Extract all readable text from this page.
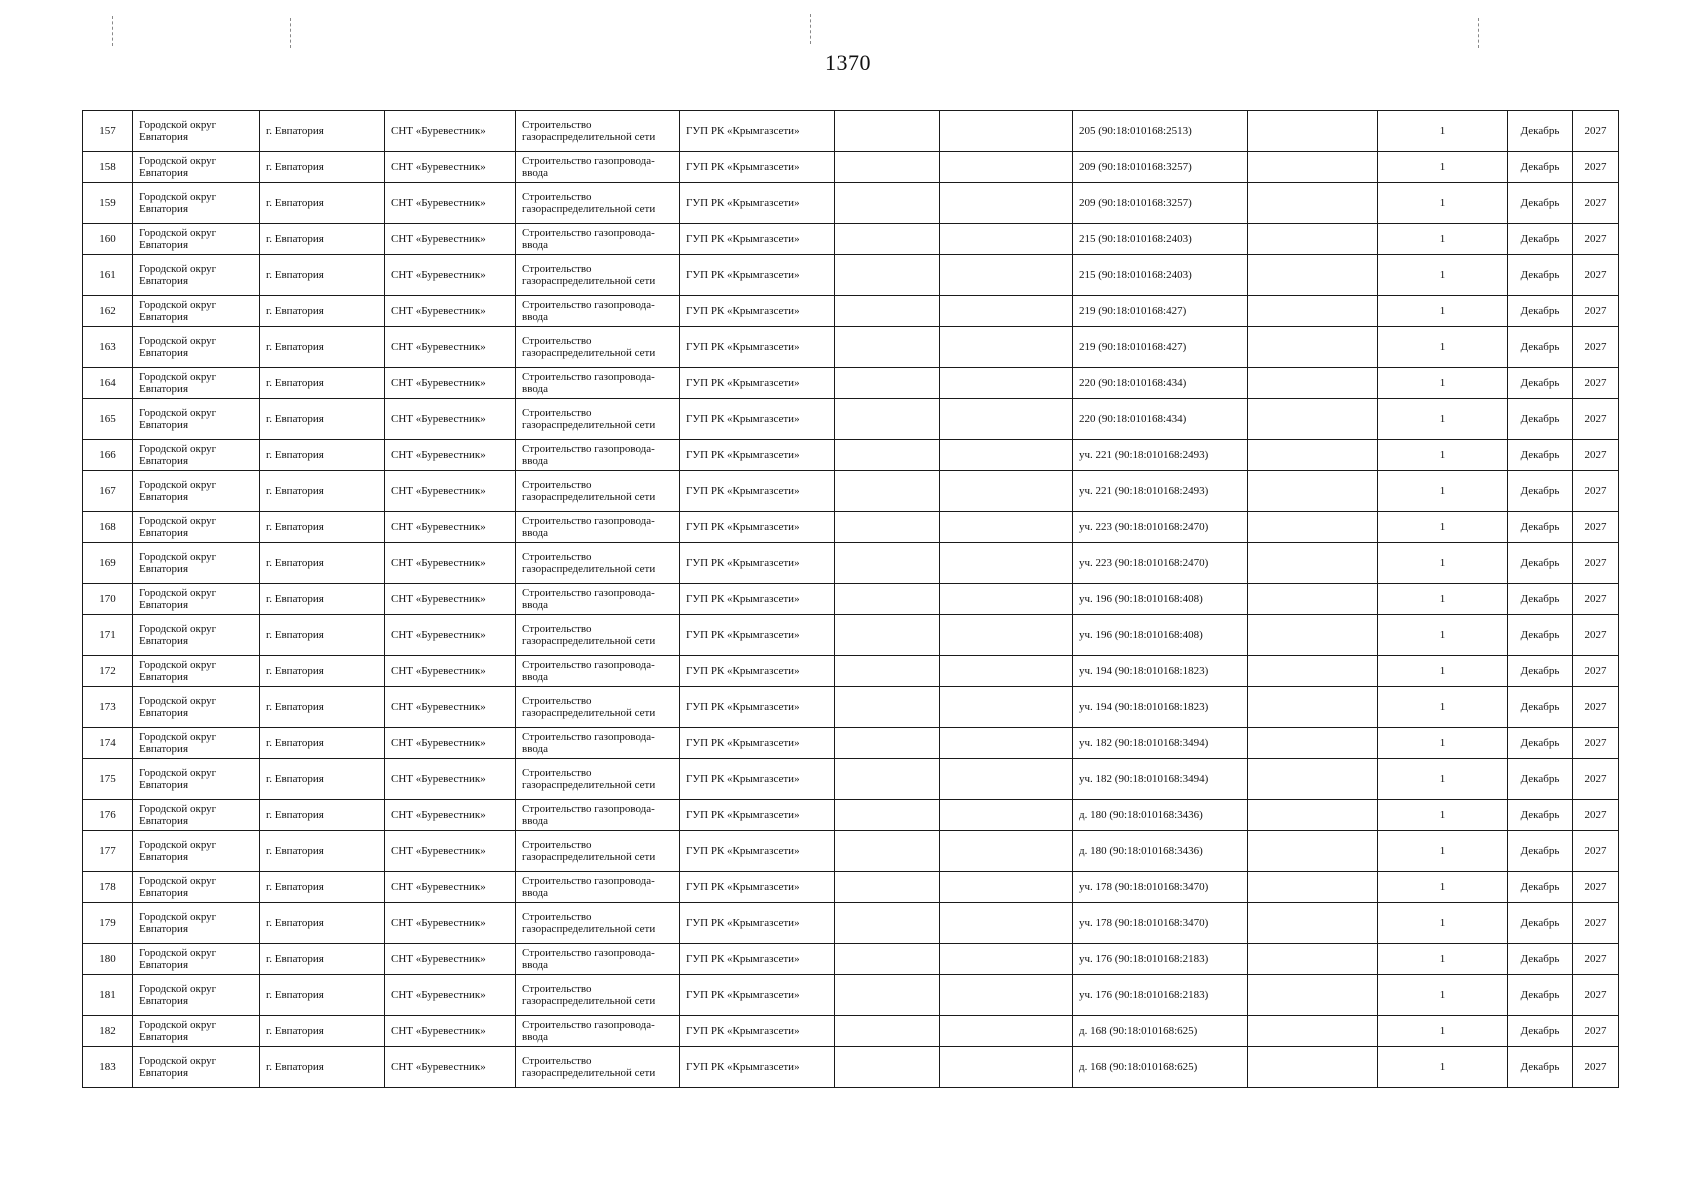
1370
157	Городской округ Евпатория	г. Евпатория	СНТ «Буревестник»	Строительство газораспределительной сети	ГУП РК «Крымгазсети»			205 (90:18:010168:2513)		1	Декабрь	2027
158	Городской округ Евпатория	г. Евпатория	СНТ «Буревестник»	Строительство газопровода-ввода	ГУП РК «Крымгазсети»			209 (90:18:010168:3257)		1	Декабрь	2027
159	Городской округ Евпатория	г. Евпатория	СНТ «Буревестник»	Строительство газораспределительной сети	ГУП РК «Крымгазсети»			209 (90:18:010168:3257)		1	Декабрь	2027
160	Городской округ Евпатория	г. Евпатория	СНТ «Буревестник»	Строительство газопровода-ввода	ГУП РК «Крымгазсети»			215 (90:18:010168:2403)		1	Декабрь	2027
161	Городской округ Евпатория	г. Евпатория	СНТ «Буревестник»	Строительство газораспределительной сети	ГУП РК «Крымгазсети»			215 (90:18:010168:2403)		1	Декабрь	2027
162	Городской округ Евпатория	г. Евпатория	СНТ «Буревестник»	Строительство газопровода-ввода	ГУП РК «Крымгазсети»			219 (90:18:010168:427)		1	Декабрь	2027
163	Городской округ Евпатория	г. Евпатория	СНТ «Буревестник»	Строительство газораспределительной сети	ГУП РК «Крымгазсети»			219 (90:18:010168:427)		1	Декабрь	2027
164	Городской округ Евпатория	г. Евпатория	СНТ «Буревестник»	Строительство газопровода-ввода	ГУП РК «Крымгазсети»			220 (90:18:010168:434)		1	Декабрь	2027
165	Городской округ Евпатория	г. Евпатория	СНТ «Буревестник»	Строительство газораспределительной сети	ГУП РК «Крымгазсети»			220 (90:18:010168:434)		1	Декабрь	2027
166	Городской округ Евпатория	г. Евпатория	СНТ «Буревестник»	Строительство газопровода-ввода	ГУП РК «Крымгазсети»			уч. 221 (90:18:010168:2493)		1	Декабрь	2027
167	Городской округ Евпатория	г. Евпатория	СНТ «Буревестник»	Строительство газораспределительной сети	ГУП РК «Крымгазсети»			уч. 221 (90:18:010168:2493)		1	Декабрь	2027
168	Городской округ Евпатория	г. Евпатория	СНТ «Буревестник»	Строительство газопровода-ввода	ГУП РК «Крымгазсети»			уч. 223 (90:18:010168:2470)		1	Декабрь	2027
169	Городской округ Евпатория	г. Евпатория	СНТ «Буревестник»	Строительство газораспределительной сети	ГУП РК «Крымгазсети»			уч. 223 (90:18:010168:2470)		1	Декабрь	2027
170	Городской округ Евпатория	г. Евпатория	СНТ «Буревестник»	Строительство газопровода-ввода	ГУП РК «Крымгазсети»			уч. 196 (90:18:010168:408)		1	Декабрь	2027
171	Городской округ Евпатория	г. Евпатория	СНТ «Буревестник»	Строительство газораспределительной сети	ГУП РК «Крымгазсети»			уч. 196 (90:18:010168:408)		1	Декабрь	2027
172	Городской округ Евпатория	г. Евпатория	СНТ «Буревестник»	Строительство газопровода-ввода	ГУП РК «Крымгазсети»			уч. 194 (90:18:010168:1823)		1	Декабрь	2027
173	Городской округ Евпатория	г. Евпатория	СНТ «Буревестник»	Строительство газораспределительной сети	ГУП РК «Крымгазсети»			уч. 194 (90:18:010168:1823)		1	Декабрь	2027
174	Городской округ Евпатория	г. Евпатория	СНТ «Буревестник»	Строительство газопровода-ввода	ГУП РК «Крымгазсети»			уч. 182 (90:18:010168:3494)		1	Декабрь	2027
175	Городской округ Евпатория	г. Евпатория	СНТ «Буревестник»	Строительство газораспределительной сети	ГУП РК «Крымгазсети»			уч. 182 (90:18:010168:3494)		1	Декабрь	2027
176	Городской округ Евпатория	г. Евпатория	СНТ «Буревестник»	Строительство газопровода-ввода	ГУП РК «Крымгазсети»			д. 180 (90:18:010168:3436)		1	Декабрь	2027
177	Городской округ Евпатория	г. Евпатория	СНТ «Буревестник»	Строительство газораспределительной сети	ГУП РК «Крымгазсети»			д. 180 (90:18:010168:3436)		1	Декабрь	2027
178	Городской округ Евпатория	г. Евпатория	СНТ «Буревестник»	Строительство газопровода-ввода	ГУП РК «Крымгазсети»			уч. 178 (90:18:010168:3470)		1	Декабрь	2027
179	Городской округ Евпатория	г. Евпатория	СНТ «Буревестник»	Строительство газораспределительной сети	ГУП РК «Крымгазсети»			уч. 178 (90:18:010168:3470)		1	Декабрь	2027
180	Городской округ Евпатория	г. Евпатория	СНТ «Буревестник»	Строительство газопровода-ввода	ГУП РК «Крымгазсети»			уч. 176 (90:18:010168:2183)		1	Декабрь	2027
181	Городской округ Евпатория	г. Евпатория	СНТ «Буревестник»	Строительство газораспределительной сети	ГУП РК «Крымгазсети»			уч. 176 (90:18:010168:2183)		1	Декабрь	2027
182	Городской округ Евпатория	г. Евпатория	СНТ «Буревестник»	Строительство газопровода-ввода	ГУП РК «Крымгазсети»			д. 168 (90:18:010168:625)		1	Декабрь	2027
183	Городской округ Евпатория	г. Евпатория	СНТ «Буревестник»	Строительство газораспределительной сети	ГУП РК «Крымгазсети»			д. 168 (90:18:010168:625)		1	Декабрь	2027
